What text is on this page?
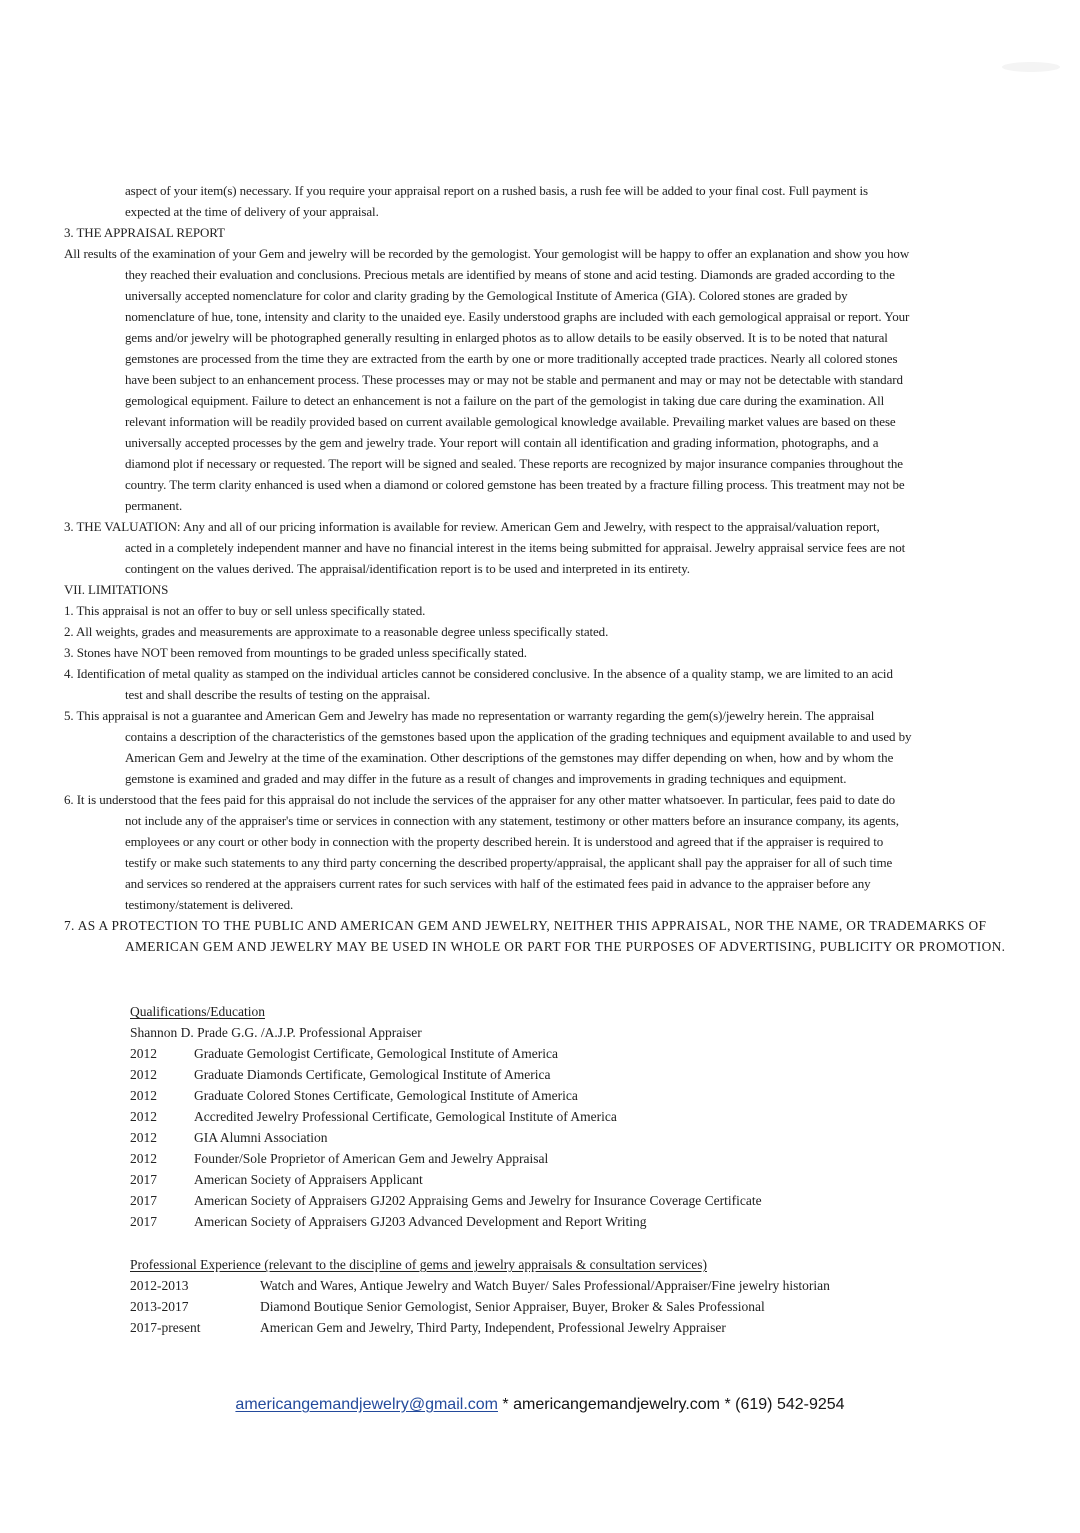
aspect of your item(s) necessary. If you require your appraisal report on a rushed basis, a rush fee will be added to your final cost. Full payment is
expected at the time of delivery of your appraisal.
3. THE APPRAISAL REPORT
All results of the examination of your Gem and jewelry will be recorded by the gemologist. Your gemologist will be happy to offer an explanation and show you how
they reached their evaluation and conclusions. Precious metals are identified by means of stone and acid testing. Diamonds are graded according to the
universally accepted nomenclature for color and clarity grading by the Gemological Institute of America (GIA). Colored stones are graded by
nomenclature of hue, tone, intensity and clarity to the unaided eye. Easily understood graphs are included with each gemological appraisal or report. Your
gems and/or jewelry will be photographed generally resulting in enlarged photos as to allow details to be easily observed. It is to be noted that natural
gemstones are processed from the time they are extracted from the earth by one or more traditionally accepted trade practices. Nearly all colored stones
have been subject to an enhancement process. These processes may or may not be stable and permanent and may or may not be detectable with standard
gemological equipment. Failure to detect an enhancement is not a failure on the part of the gemologist in taking due care during the examination. All
relevant information will be readily provided based on current available gemological knowledge available. Prevailing market values are based on these
universally accepted processes by the gem and jewelry trade. Your report will contain all identification and grading information, photographs, and a
diamond plot if necessary or requested. The report will be signed and sealed. These reports are recognized by major insurance companies throughout the
country. The term clarity enhanced is used when a diamond or colored gemstone has been treated by a fracture filling process. This treatment may not be
permanent.
3. THE VALUATION: Any and all of our pricing information is available for review. American Gem and Jewelry, with respect to the appraisal/valuation report,
acted in a completely independent manner and have no financial interest in the items being submitted for appraisal. Jewelry appraisal service fees are not
contingent on the values derived. The appraisal/identification report is to be used and interpreted in its entirety.
VII. LIMITATIONS
1. This appraisal is not an offer to buy or sell unless specifically stated.
2. All weights, grades and measurements are approximate to a reasonable degree unless specifically stated.
3. Stones have NOT been removed from mountings to be graded unless specifically stated.
4. Identification of metal quality as stamped on the individual articles cannot be considered conclusive. In the absence of a quality stamp, we are limited to an acid
test and shall describe the results of testing on the appraisal.
5. This appraisal is not a guarantee and American Gem and Jewelry has made no representation or warranty regarding the gem(s)/jewelry herein. The appraisal
contains a description of the characteristics of the gemstones based upon the application of the grading techniques and equipment available to and used by
American Gem and Jewelry at the time of the examination. Other descriptions of the gemstones may differ depending on when, how and by whom the
gemstone is examined and graded and may differ in the future as a result of changes and improvements in grading techniques and equipment.
6. It is understood that the fees paid for this appraisal do not include the services of the appraiser for any other matter whatsoever. In particular, fees paid to date do
not include any of the appraiser's time or services in connection with any statement, testimony or other matters before an insurance company, its agents,
employees or any court or other body in connection with the property described herein. It is understood and agreed that if the appraiser is required to
testify or make such statements to any third party concerning the described property/appraisal, the applicant shall pay the appraiser for all of such time
and services so rendered at the appraisers current rates for such services with half of the estimated fees paid in advance to the appraiser before any
testimony/statement is delivered.
7. AS A PROTECTION TO THE PUBLIC AND AMERICAN GEM AND JEWELRY, NEITHER THIS APPRAISAL, NOR THE NAME, OR TRADEMARKS OF
AMERICAN GEM AND JEWELRY MAY BE USED IN WHOLE OR PART FOR THE PURPOSES OF ADVERTISING, PUBLICITY OR PROMOTION.
Qualifications/Education
Shannon D. Prade G.G. /A.J.P. Professional Appraiser
2012	Graduate Gemologist Certificate, Gemological Institute of America
2012	Graduate Diamonds Certificate, Gemological Institute of America
2012	Graduate Colored Stones Certificate, Gemological Institute of America
2012	Accredited Jewelry Professional Certificate, Gemological Institute of America
2012	GIA Alumni Association
2012	Founder/Sole Proprietor of American Gem and Jewelry Appraisal
2017	American Society of Appraisers Applicant
2017	American Society of Appraisers GJ202 Appraising Gems and Jewelry for Insurance Coverage Certificate
2017	American Society of Appraisers GJ203 Advanced Development and Report Writing
Professional Experience (relevant to the discipline of gems and jewelry appraisals & consultation services)
2012-2013	Watch and Wares, Antique Jewelry and Watch Buyer/ Sales Professional/Appraiser/Fine jewelry historian
2013-2017	Diamond Boutique Senior Gemologist, Senior Appraiser, Buyer, Broker & Sales Professional
2017-present	American Gem and Jewelry, Third Party, Independent, Professional Jewelry Appraiser
americangemandjewelry@gmail.com * americangemandjewelry.com * (619) 542-9254
